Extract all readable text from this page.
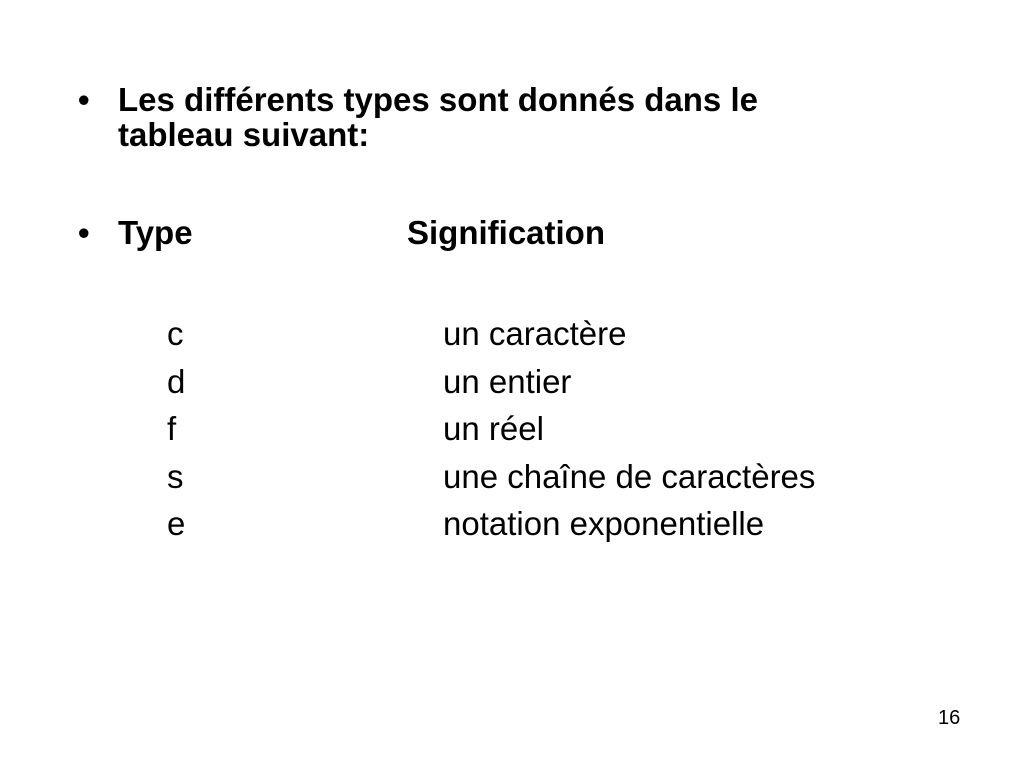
• Les différents types sont donnés dans le
tableau suivant:
• Type	Signification
c	un caractère
d	un entier
f	un réel
s	une chaîne de caractères
e	notation exponentielle
16
